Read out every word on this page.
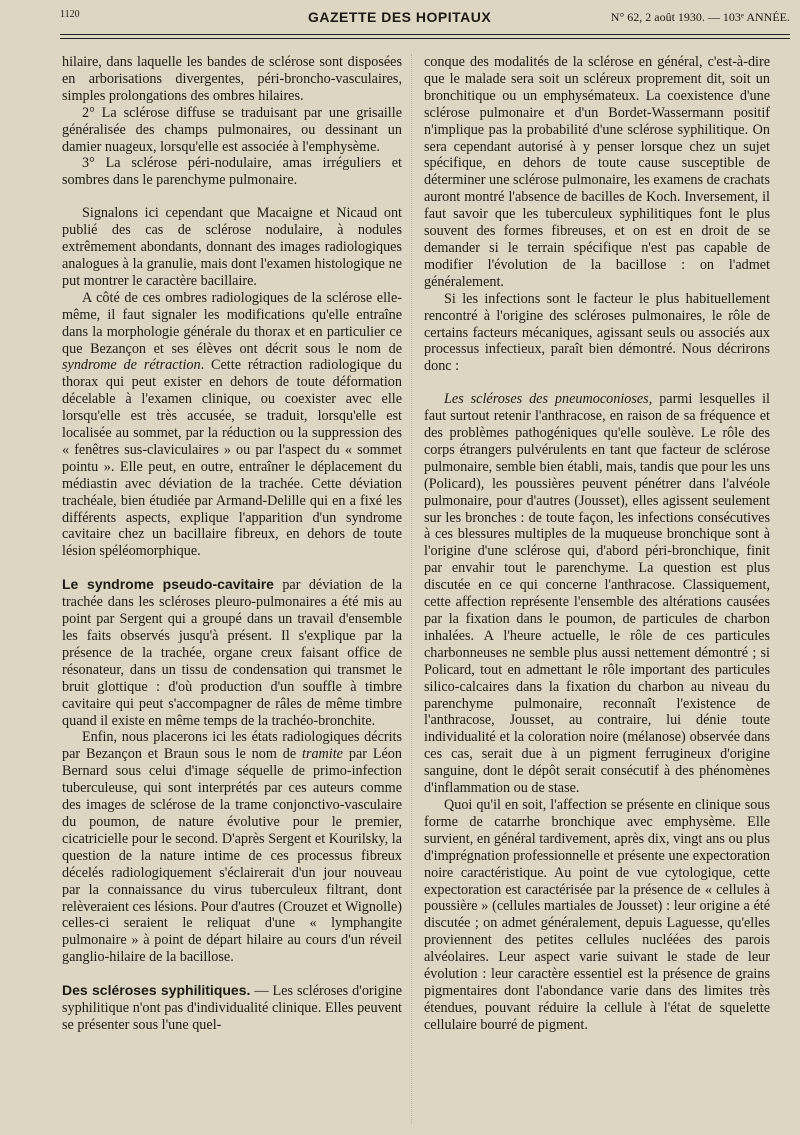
1120	GAZETTE DES HOPITAUX	N° 62, 2 août 1930. — 103ᵉ ANNÉE.

hilaire, dans laquelle les bandes de sclérose sont disposées en arborisations divergentes, péri-broncho-vasculaires, simples prolongations des ombres hilaires.

2° La sclérose diffuse se traduisant par une grisaille généralisée des champs pulmonaires, ou dessinant un damier nuageux, lorsqu'elle est associée à l'emphysème.

3° La sclérose péri-nodulaire, amas irréguliers et sombres dans le parenchyme pulmonaire.

Signalons ici cependant que Macaigne et Nicaud ont publié des cas de sclérose nodulaire, à nodules extrêmement abondants, donnant des images radiologiques analogues à la granulie, mais dont l'examen histologique ne put montrer le caractère bacillaire.

A côté de ces ombres radiologiques de la sclérose elle-même, il faut signaler les modifications qu'elle entraîne dans la morphologie générale du thorax et en particulier ce que Bezançon et ses élèves ont décrit sous le nom de syndrome de rétraction. Cette rétraction radiologique du thorax qui peut exister en dehors de toute déformation décelable à l'examen clinique, ou coexister avec elle lorsqu'elle est très accusée, se traduit, lorsqu'elle est localisée au sommet, par la réduction ou la suppression des « fenêtres sus-claviculaires » ou par l'aspect du « sommet pointu ». Elle peut, en outre, entraîner le déplacement du médiastin avec déviation de la trachée. Cette déviation trachéale, bien étudiée par Armand-Delille qui en a fixé les différents aspects, explique l'apparition d'un syndrome cavitaire chez un bacillaire fibreux, en dehors de toute lésion spéléomorphique.

Le syndrome pseudo-cavitaire par déviation de la trachée dans les scléroses pleuro-pulmonaires a été mis au point par Sergent qui a groupé dans un travail d'ensemble les faits observés jusqu'à présent. Il s'explique par la présence de la trachée, organe creux faisant office de résonateur, dans un tissu de condensation qui transmet le bruit glottique : d'où production d'un souffle à timbre cavitaire qui peut s'accompagner de râles de même timbre quand il existe en même temps de la trachéo-bronchite.

Enfin, nous placerons ici les états radiologiques décrits par Bezançon et Braun sous le nom de tramite par Léon Bernard sous celui d'image séquelle de primo-infection tuberculeuse, qui sont interprétés par ces auteurs comme des images de sclérose de la trame conjonctivo-vasculaire du poumon, de nature évolutive pour le premier, cicatricielle pour le second. D'après Sergent et Kourilsky, la question de la nature intime de ces processus fibreux décelés radiologiquement s'éclairerait d'un jour nouveau par la connaissance du virus tuberculeux filtrant, dont relèveraient ces lésions. Pour d'autres (Crouzet et Wignolle) celles-ci seraient le reliquat d'une « lymphangite pulmonaire » à point de départ hilaire au cours d'un réveil ganglio-hilaire de la bacillose.

Des scléroses syphilitiques. — Les scléroses d'origine syphilitique n'ont pas d'individualité clinique. Elles peuvent se présenter sous l'une quel-

conque des modalités de la sclérose en général, c'est-à-dire que le malade sera soit un scléreux proprement dit, soit un bronchitique ou un emphysémateux. La coexistence d'une sclérose pulmonaire et d'un Bordet-Wassermann positif n'implique pas la probabilité d'une sclérose syphilitique. On sera cependant autorisé à y penser lorsque chez un sujet spécifique, en dehors de toute cause susceptible de déterminer une sclérose pulmonaire, les examens de crachats auront montré l'absence de bacilles de Koch. Inversement, il faut savoir que les tuberculeux syphilitiques font le plus souvent des formes fibreuses, et on est en droit de se demander si le terrain spécifique n'est pas capable de modifier l'évolution de la bacillose : on l'admet généralement.

Si les infections sont le facteur le plus habituellement rencontré à l'origine des scléroses pulmonaires, le rôle de certains facteurs mécaniques, agissant seuls ou associés aux processus infectieux, paraît bien démontré. Nous décrirons donc :

Les scléroses des pneumoconioses, parmi lesquelles il faut surtout retenir l'anthracose, en raison de sa fréquence et des problèmes pathogéniques qu'elle soulève. Le rôle des corps étrangers pulvérulents en tant que facteur de sclérose pulmonaire, semble bien établi, mais, tandis que pour les uns (Policard), les poussières peuvent pénétrer dans l'alvéole pulmonaire, pour d'autres (Jousset), elles agissent seulement sur les bronches : de toute façon, les infections consécutives à ces blessures multiples de la muqueuse bronchique sont à l'origine d'une sclérose qui, d'abord péri-bronchique, finit par envahir tout le parenchyme. La question est plus discutée en ce qui concerne l'anthracose. Classiquement, cette affection représente l'ensemble des altérations causées par la fixation dans le poumon, de particules de charbon inhalées. A l'heure actuelle, le rôle de ces particules charbonneuses ne semble plus aussi nettement démontré ; si Policard, tout en admettant le rôle important des particules silico-calcaires dans la fixation du charbon au niveau du parenchyme pulmonaire, reconnaît l'existence de l'anthracose, Jousset, au contraire, lui dénie toute individualité et la coloration noire (mélanose) observée dans ces cas, serait due à un pigment ferrugineux d'origine sanguine, dont le dépôt serait consécutif à des phénomènes d'inflammation ou de stase.

Quoi qu'il en soit, l'affection se présente en clinique sous forme de catarrhe bronchique avec emphysème. Elle survient, en général tardivement, après dix, vingt ans ou plus d'imprégnation professionnelle et présente une expectoration noire caractéristique. Au point de vue cytologique, cette expectoration est caractérisée par la présence de « cellules à poussière » (cellules martiales de Jousset) : leur origine a été discutée ; on admet généralement, depuis Laguesse, qu'elles proviennent des petites cellules nucléées des parois alvéolaires. Leur aspect varie suivant le stade de leur évolution : leur caractère essentiel est la présence de grains pigmentaires dont l'abondance varie dans des limites très étendues, pouvant réduire la cellule à l'état de squelette cellulaire bourré de pigment.
